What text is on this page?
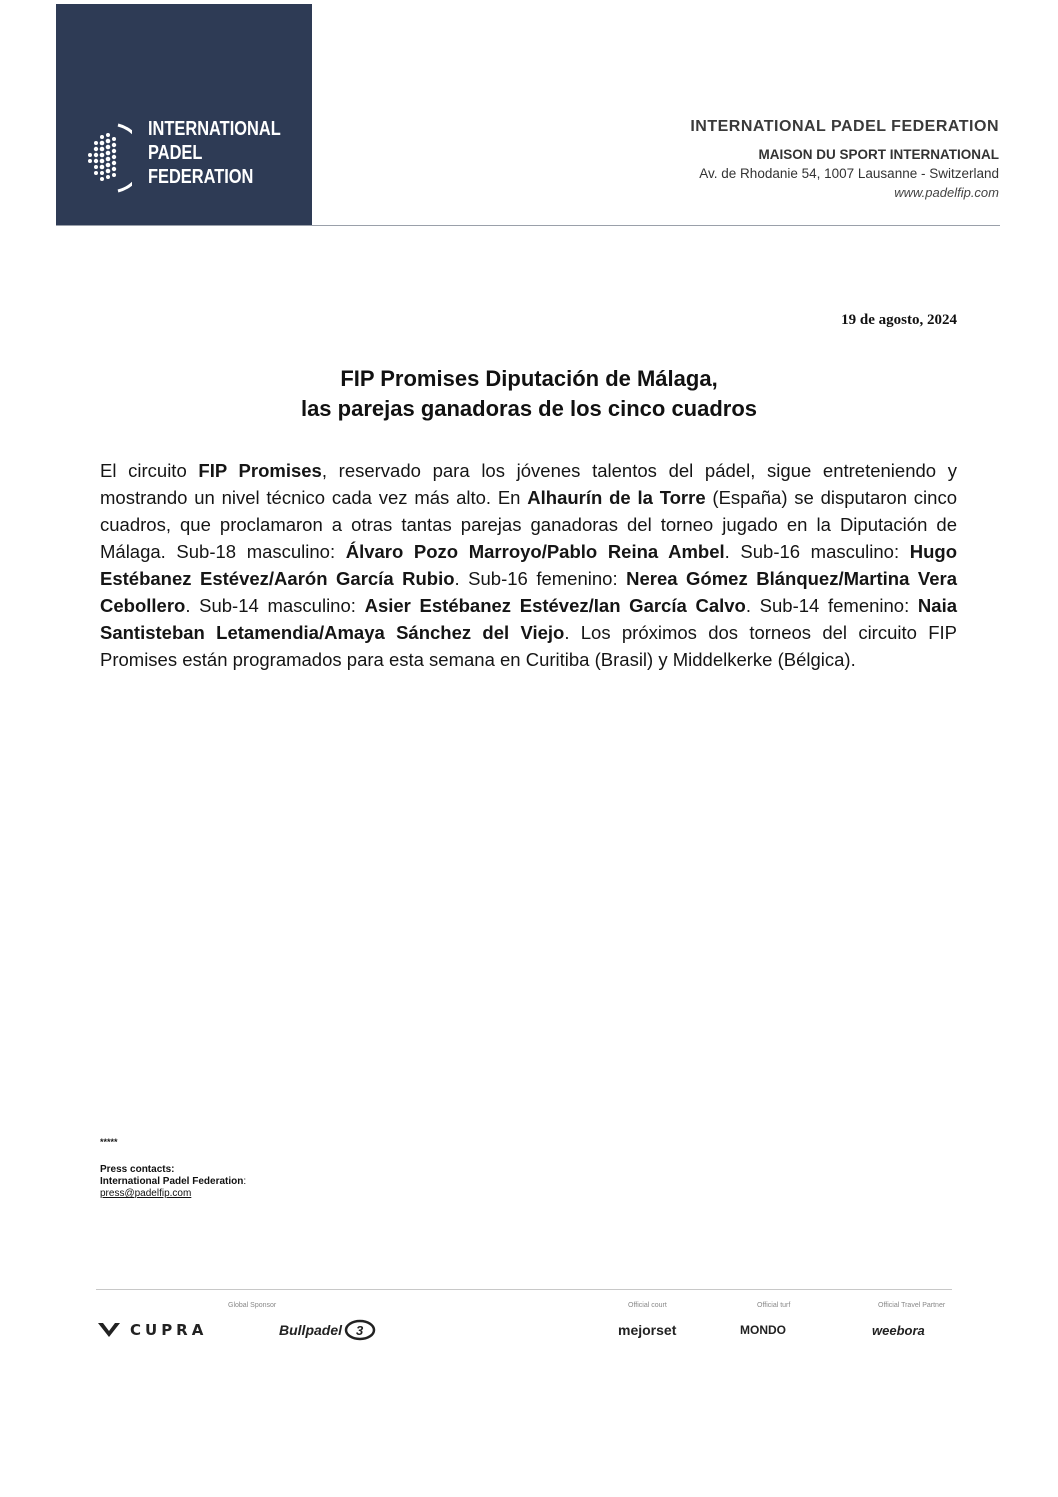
INTERNATIONAL
PADEL
FEDERATION
INTERNATIONAL PADEL FEDERATION
MAISON DU SPORT INTERNATIONAL
Av. de Rhodanie 54, 1007 Lausanne - Switzerland
www.padelfip.com
19 de agosto, 2024
FIP Promises Diputación de Málaga,
las parejas ganadoras de los cinco cuadros
El circuito FIP Promises, reservado para los jóvenes talentos del pádel, sigue entreteniendo y mostrando un nivel técnico cada vez más alto. En Alhaurín de la Torre (España) se disputaron cinco cuadros, que proclamaron a otras tantas parejas ganadoras del torneo jugado en la Diputación de Málaga. Sub-18 masculino: Álvaro Pozo Marroyo/Pablo Reina Ambel. Sub-16 masculino: Hugo Estébanez Estévez/Aarón García Rubio. Sub-16 femenino: Nerea Gómez Blánquez/Martina Vera Cebollero. Sub-14 masculino: Asier Estébanez Estévez/Ian García Calvo. Sub-14 femenino: Naia Santisteban Letamendia/Amaya Sánchez del Viejo. Los próximos dos torneos del circuito FIP Promises están programados para esta semana en Curitiba (Brasil) y Middelkerke (Bélgica).
*****
Press contacts:
International Padel Federation:
press@padelfip.com
Global Sponsor	Official court	Official turf	Official Travel Partner
CUPRA	Bullpadel 3	mejorset	MONDO	weebora
